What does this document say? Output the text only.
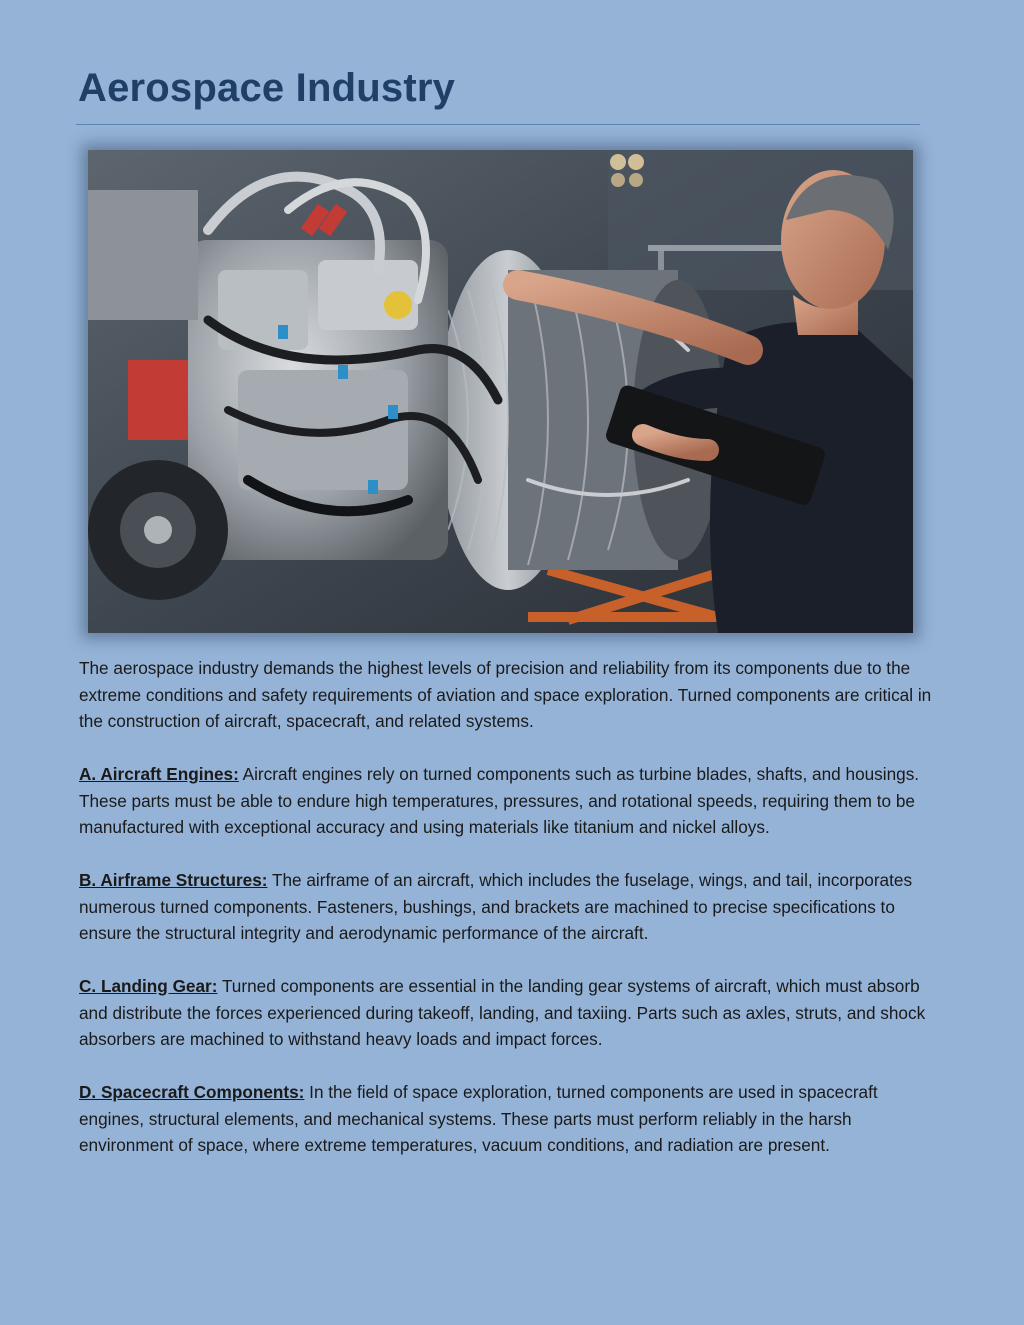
Aerospace Industry

The aerospace industry demands the highest levels of precision and reliability from its components due to the extreme conditions and safety requirements of aviation and space exploration. Turned components are critical in the construction of aircraft, spacecraft, and related systems.

A. Aircraft Engines: Aircraft engines rely on turned components such as turbine blades, shafts, and housings. These parts must be able to endure high temperatures, pressures, and rotational speeds, requiring them to be manufactured with exceptional accuracy and using materials like titanium and nickel alloys.

B. Airframe Structures: The airframe of an aircraft, which includes the fuselage, wings, and tail, incorporates numerous turned components. Fasteners, bushings, and brackets are machined to precise specifications to ensure the structural integrity and aerodynamic performance of the aircraft.

C. Landing Gear: Turned components are essential in the landing gear systems of aircraft, which must absorb and distribute the forces experienced during takeoff, landing, and taxiing. Parts such as axles, struts, and shock absorbers are machined to withstand heavy loads and impact forces.

D. Spacecraft Components: In the field of space exploration, turned components are used in spacecraft engines, structural elements, and mechanical systems. These parts must perform reliably in the harsh environment of space, where extreme temperatures, vacuum conditions, and radiation are present.
